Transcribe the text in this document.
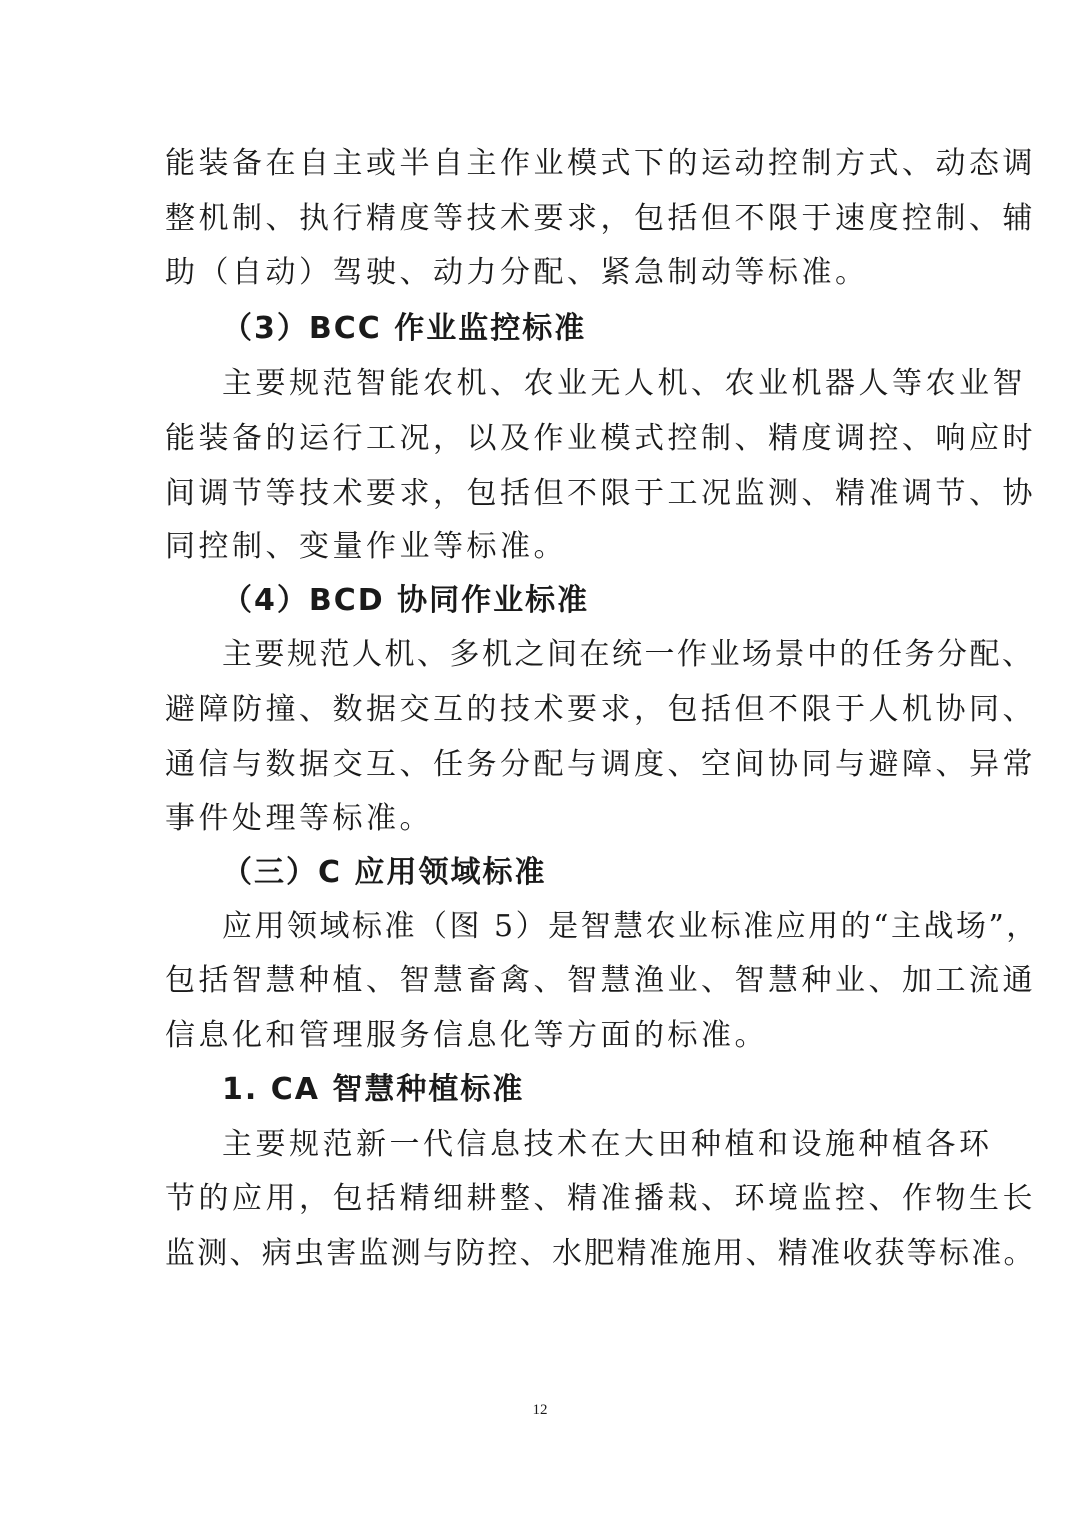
能装备在自主或半自主作业模式下的运动控制方式、动态调
整机制、执行精度等技术要求，包括但不限于速度控制、辅
助（自动）驾驶、动力分配、紧急制动等标准。
（3）BCC 作业监控标准
主要规范智能农机、农业无人机、农业机器人等农业智
能装备的运行工况，以及作业模式控制、精度调控、响应时
间调节等技术要求，包括但不限于工况监测、精准调节、协
同控制、变量作业等标准。
（4）BCD 协同作业标准
主要规范人机、多机之间在统一作业场景中的任务分配、
避障防撞、数据交互的技术要求，包括但不限于人机协同、
通信与数据交互、任务分配与调度、空间协同与避障、异常
事件处理等标准。
（三）C 应用领域标准
应用领域标准（图 5）是智慧农业标准应用的“主战场”，
包括智慧种植、智慧畜禽、智慧渔业、智慧种业、加工流通
信息化和管理服务信息化等方面的标准。
1. CA 智慧种植标准
主要规范新一代信息技术在大田种植和设施种植各环
节的应用，包括精细耕整、精准播栽、环境监控、作物生长
监测、病虫害监测与防控、水肥精准施用、精准收获等标准。
12
